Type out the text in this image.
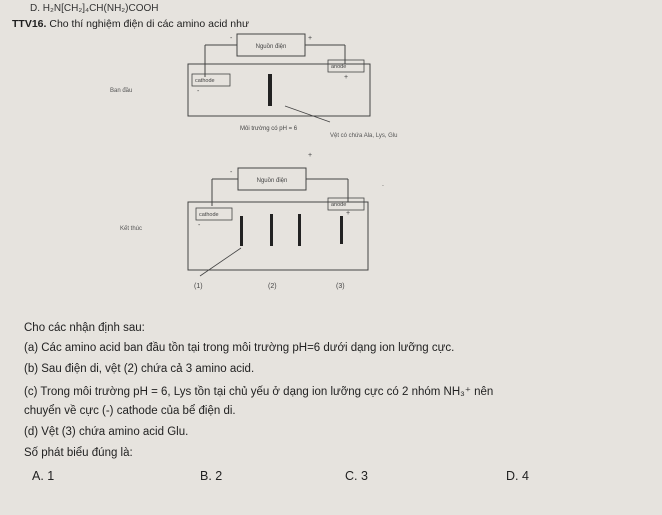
D. H₂N[CH₂]₄CH(NH₂)COOH
TTV16. Cho thí nghiệm điện di các amino acid như
Nguồn điện
-	+
cathode
-
anode
+
Ban đầu
Môi trường có pH = 6
Vệt có chứa Ala, Lys, Glu
Nguồn điện
-
+
cathode
-
anode
+
Kết thúc
(1)	(2)	(3)
.
Cho các nhận định sau:
(a) Các amino acid ban đầu tồn tại trong môi trường pH=6 dưới dạng ion lưỡng cực.
(b) Sau điện di, vệt (2) chứa cả 3 amino acid.
(c) Trong môi trường pH = 6, Lys tồn tại chủ yếu ở dạng ion lưỡng cực có 2 nhóm NH₃⁺ nên
chuyển về cực (-) cathode của bể điện di.
(d) Vệt (3) chứa amino acid Glu.
Số phát biểu đúng là:
A. 1	B. 2	C. 3	D. 4
